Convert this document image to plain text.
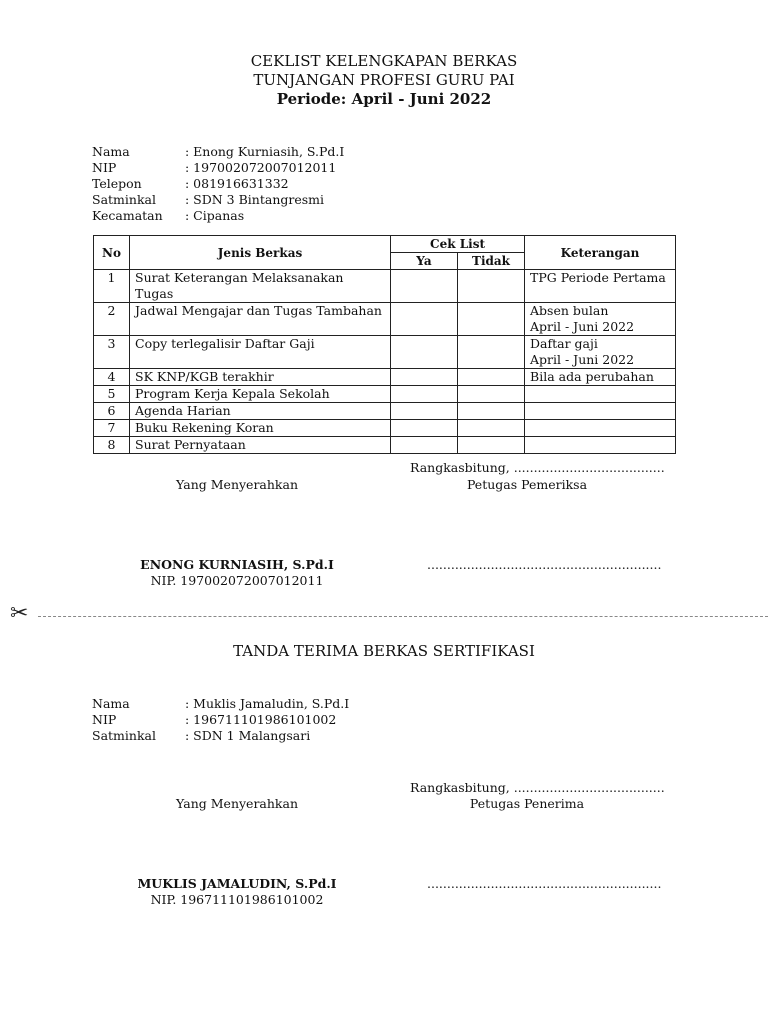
CEKLIST KELENGKAPAN BERKAS
TUNJANGAN PROFESI GURU PAI
Periode: April - Juni 2022
Nama	: Enong Kurniasih, S.Pd.I
NIP	: 197002072007012011
Telepon	: 081916631332
Satminkal : SDN 3 Bintangresmi
Kecamatan : Cipanas
No	Jenis Berkas	Cek List		Keterangan
		Ya	Tidak	
1	Surat Keterangan Melaksanakan Tugas			TPG Periode Pertama

2	Jadwal Mengajar dan Tugas Tambahan			Absen bulan
April - Juni 2022

3	Copy terlegalisir Daftar Gaji			Daftar gaji
April - Juni 2022

4	SK KNP/KGB terakhir			Bila ada perubahan

5	Program Kerja Kepala Sekolah			
6	Agenda Harian			
7	Buku Rekening Koran			
8	Surat Pernyataan			
Rangkasbitung, ......................................
Yang Menyerahkan	Petugas Pemeriksa
ENONG KURNIASIH, S.Pd.I
NIP. 197002072007012011
...........................................................
✂
TANDA TERIMA BERKAS SERTIFIKASI
Nama	: Muklis Jamaludin, S.Pd.I
NIP	: 196711101986101002
Satminkal : SDN 1 Malangsari
Rangkasbitung, ......................................
Yang Menyerahkan	Petugas Penerima
MUKLIS JAMALUDIN, S.Pd.I
NIP. 196711101986101002
...........................................................
